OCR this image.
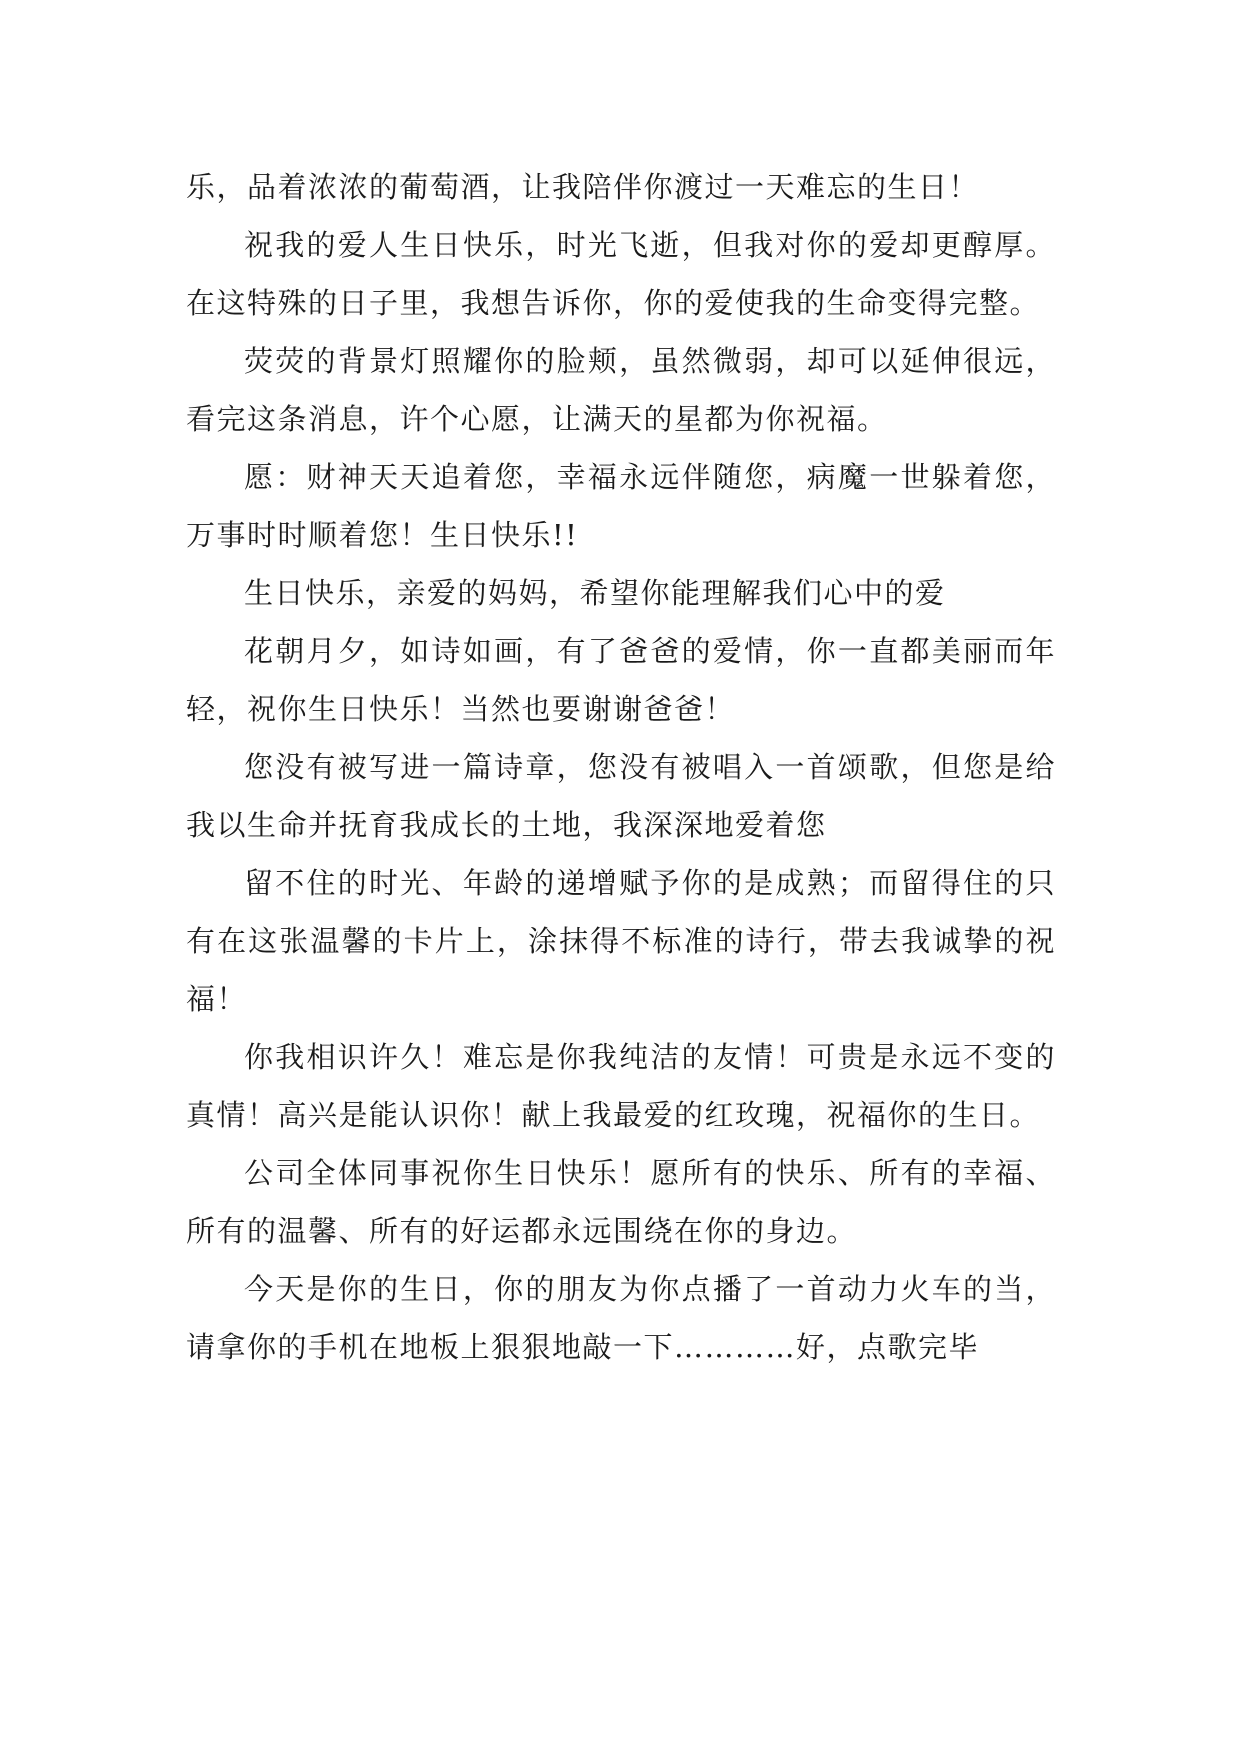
乐，品着浓浓的葡萄酒，让我陪伴你渡过一天难忘的生日！

祝我的爱人生日快乐，时光飞逝，但我对你的爱却更醇厚。在这特殊的日子里，我想告诉你，你的爱使我的生命变得完整。

荧荧的背景灯照耀你的脸颊，虽然微弱，却可以延伸很远，看完这条消息，许个心愿，让满天的星都为你祝福。

愿：财神天天追着您，幸福永远伴随您，病魔一世躲着您，万事时时顺着您！生日快乐!!

生日快乐，亲爱的妈妈，希望你能理解我们心中的爱

花朝月夕，如诗如画，有了爸爸的爱情，你一直都美丽而年轻，祝你生日快乐！当然也要谢谢爸爸！

您没有被写进一篇诗章，您没有被唱入一首颂歌，但您是给我以生命并抚育我成长的土地，我深深地爱着您

留不住的时光、年龄的递增赋予你的是成熟；而留得住的只有在这张温馨的卡片上，涂抹得不标准的诗行，带去我诚挚的祝福！

你我相识许久！难忘是你我纯洁的友情！可贵是永远不变的真情！高兴是能认识你！献上我最爱的红玫瑰，祝福你的生日。

公司全体同事祝你生日快乐！愿所有的快乐、所有的幸福、所有的温馨、所有的好运都永远围绕在你的身边。

今天是你的生日，你的朋友为你点播了一首动力火车的当，请拿你的手机在地板上狠狠地敲一下…………好，点歌完毕
